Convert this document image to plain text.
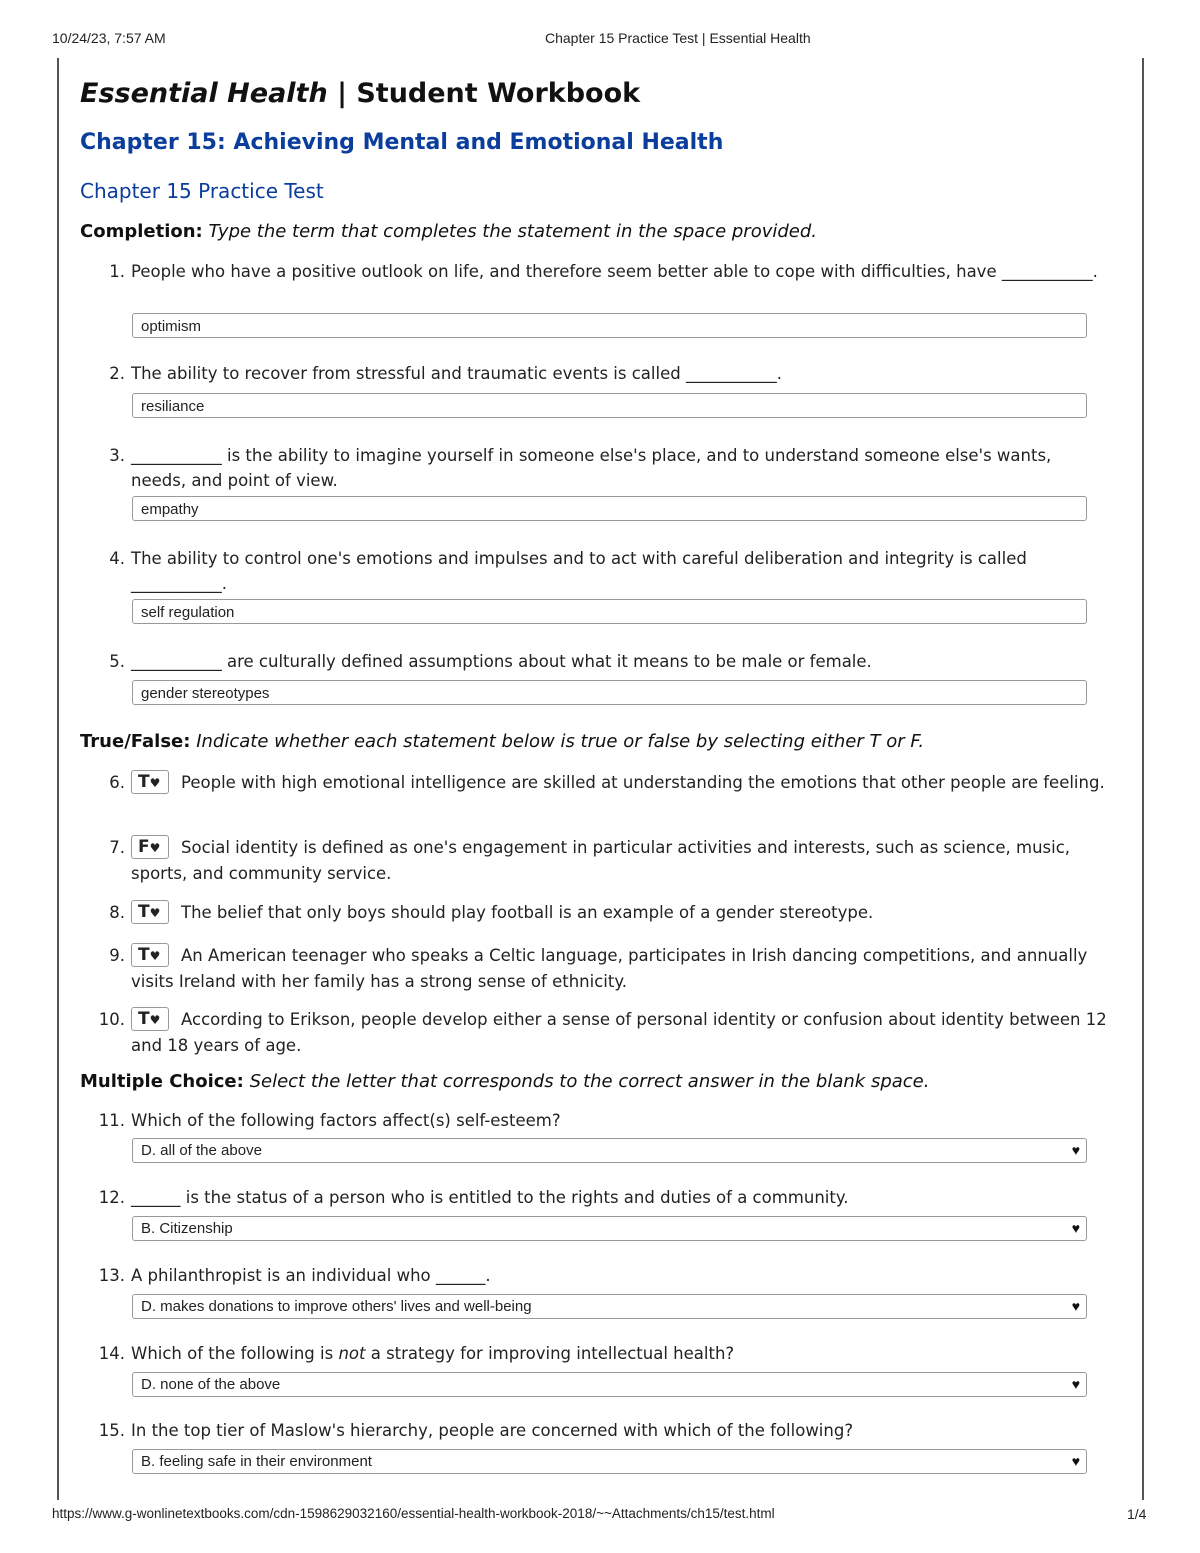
10/24/23, 7:57 AM	Chapter 15 Practice Test | Essential Health
Essential Health | Student Workbook
Chapter 15: Achieving Mental and Emotional Health
Chapter 15 Practice Test
Completion: Type the term that completes the statement in the space provided.
True/False: Indicate whether each statement below is true or false by selecting either T or F.
Multiple Choice: Select the letter that corresponds to the correct answer in the blank space.
https://www.g-wonlinetextbooks.com/cdn-1598629032160/essential-health-workbook-2018/~~Attachments/ch15/test.html	1/4
1. People who have a positive outlook on life, and therefore seem better able to cope with difficulties, have ___________.
optimism
2. The ability to recover from stressful and traumatic events is called ___________.
resiliance
3. ___________ is the ability to imagine yourself in someone else's place, and to understand someone else's wants, needs, and point of view.
empathy
4. The ability to control one's emotions and impulses and to act with careful deliberation and integrity is called ___________.
self regulation
5. ___________ are culturally defined assumptions about what it means to be male or female.
gender stereotypes
6. T♥ People with high emotional intelligence are skilled at understanding the emotions that other people are feeling.
7. F♥ Social identity is defined as one's engagement in particular activities and interests, such as science, music, sports, and community service.
8. T♥ The belief that only boys should play football is an example of a gender stereotype.
9. T♥ An American teenager who speaks a Celtic language, participates in Irish dancing competitions, and annually visits Ireland with her family has a strong sense of ethnicity.
10. T♥ According to Erikson, people develop either a sense of personal identity or confusion about identity between 12 and 18 years of age.
11. Which of the following factors affect(s) self-esteem?
D. all of the above	♥
12. ______ is the status of a person who is entitled to the rights and duties of a community.
B. Citizenship	♥
13. A philanthropist is an individual who ______.
D. makes donations to improve others' lives and well-being	♥
14. Which of the following is not a strategy for improving intellectual health?
D. none of the above	♥
15. In the top tier of Maslow's hierarchy, people are concerned with which of the following?
B. feeling safe in their environment	♥
